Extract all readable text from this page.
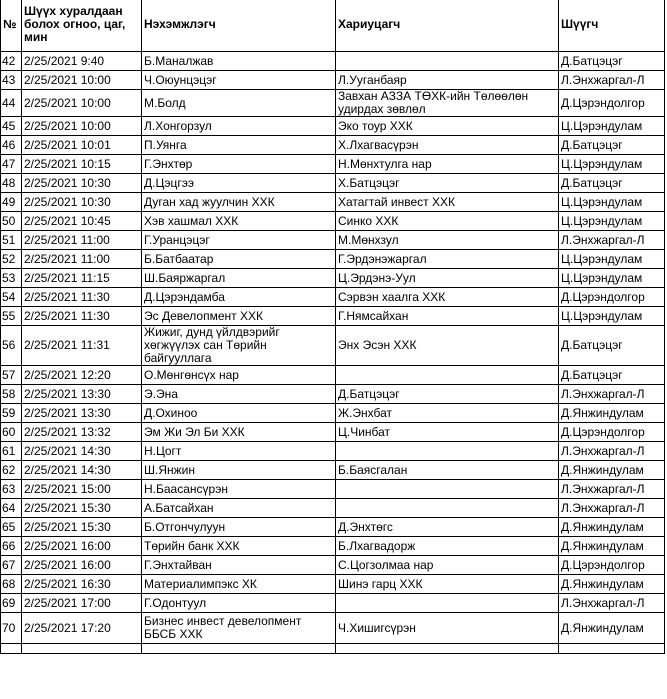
№	Шүүх хуралдаан болох огноо, цаг, мин	Нэхэмжлэгч	Хариуцагч	Шүүгч
42	2/25/2021 9:40	Б.Маналжав		Д.Батцэцэг
43	2/25/2021 10:00	Ч.Оюунцэцэг	Л.Ууганбаяр	Л.Энхжаргал-Л
44	2/25/2021 10:00	М.Болд	Завхан АЗЗА ТӨХК-ийн Төлөөлөн удирдах зөвлөл	Д.Цэрэндолгор
45	2/25/2021 10:00	Л.Хонгорзул	Эко тоур ХХК	Ц.Цэрэндулам
46	2/25/2021 10:01	П.Уянга	Х.Лхагвасүрэн	Д.Батцэцэг
47	2/25/2021 10:15	Г.Энхтөр	Н.Мөнхтулга нар	Ц.Цэрэндулам
48	2/25/2021 10:30	Д.Цэцгээ	Х.Батцэцэг	Д.Батцэцэг
49	2/25/2021 10:30	Дуган хад жуулчин ХХК	Хатагтай инвест ХХК	Ц.Цэрэндулам
50	2/25/2021 10:45	Хэв хашмал ХХК	Синко ХХК	Ц.Цэрэндулам
51	2/25/2021 11:00	Г.Уранцэцэг	М.Мөнхзул	Л.Энхжаргал-Л
52	2/25/2021 11:00	Б.Батбаатар	Г.Эрдэнэжаргал	Ц.Цэрэндулам
53	2/25/2021 11:15	Ш.Баяржаргал	Ц.Эрдэнэ-Уул	Ц.Цэрэндулам
54	2/25/2021 11:30	Д.Цэрэндамба	Сэрвэн хаалга ХХК	Д.Цэрэндолгор
55	2/25/2021 11:30	Эс Девелопмент ХХК	Г.Нямсайхан	Ц.Цэрэндулам
56	2/25/2021 11:31	Жижиг, дунд үйлдвэрийг хөгжүүлэх сан Төрийн байгууллага	Энх Эсэн ХХК	Д.Батцэцэг
57	2/25/2021 12:20	О.Мөнгөнсүх нар		Д.Батцэцэг
58	2/25/2021 13:30	Э.Эна	Д.Батцэцэг	Л.Энхжаргал-Л
59	2/25/2021 13:30	Д.Охиноо	Ж.Энхбат	Д.Янжиндулам
60	2/25/2021 13:32	Эм Жи Эл Би ХХК	Ц.Чинбат	Д.Цэрэндолгор
61	2/25/2021 14:30	Н.Цогт		Л.Энхжаргал-Л
62	2/25/2021 14:30	Ш.Янжин	Б.Баясгалан	Д.Янжиндулам
63	2/25/2021 15:00	Н.Баасансүрэн		Л.Энхжаргал-Л
64	2/25/2021 15:30	А.Батсайхан		Л.Энхжаргал-Л
65	2/25/2021 15:30	Б.Отгончулуун	Д.Энхтөгс	Д.Янжиндулам
66	2/25/2021 16:00	Төрийн банк ХХК	Б.Лхагвадорж	Д.Янжиндулам
67	2/25/2021 16:00	Г.Энхтайван	С.Цогзолмаа нар	Д.Цэрэндолгор
68	2/25/2021 16:30	Материалимпэкс ХК	Шинэ гарц ХХК	Д.Янжиндулам
69	2/25/2021 17:00	Г.Одонтуул		Л.Энхжаргал-Л
70	2/25/2021 17:20	Бизнес инвест девелопмент ББСБ ХХК	Ч.Хишигсүрэн	Д.Янжиндулам
